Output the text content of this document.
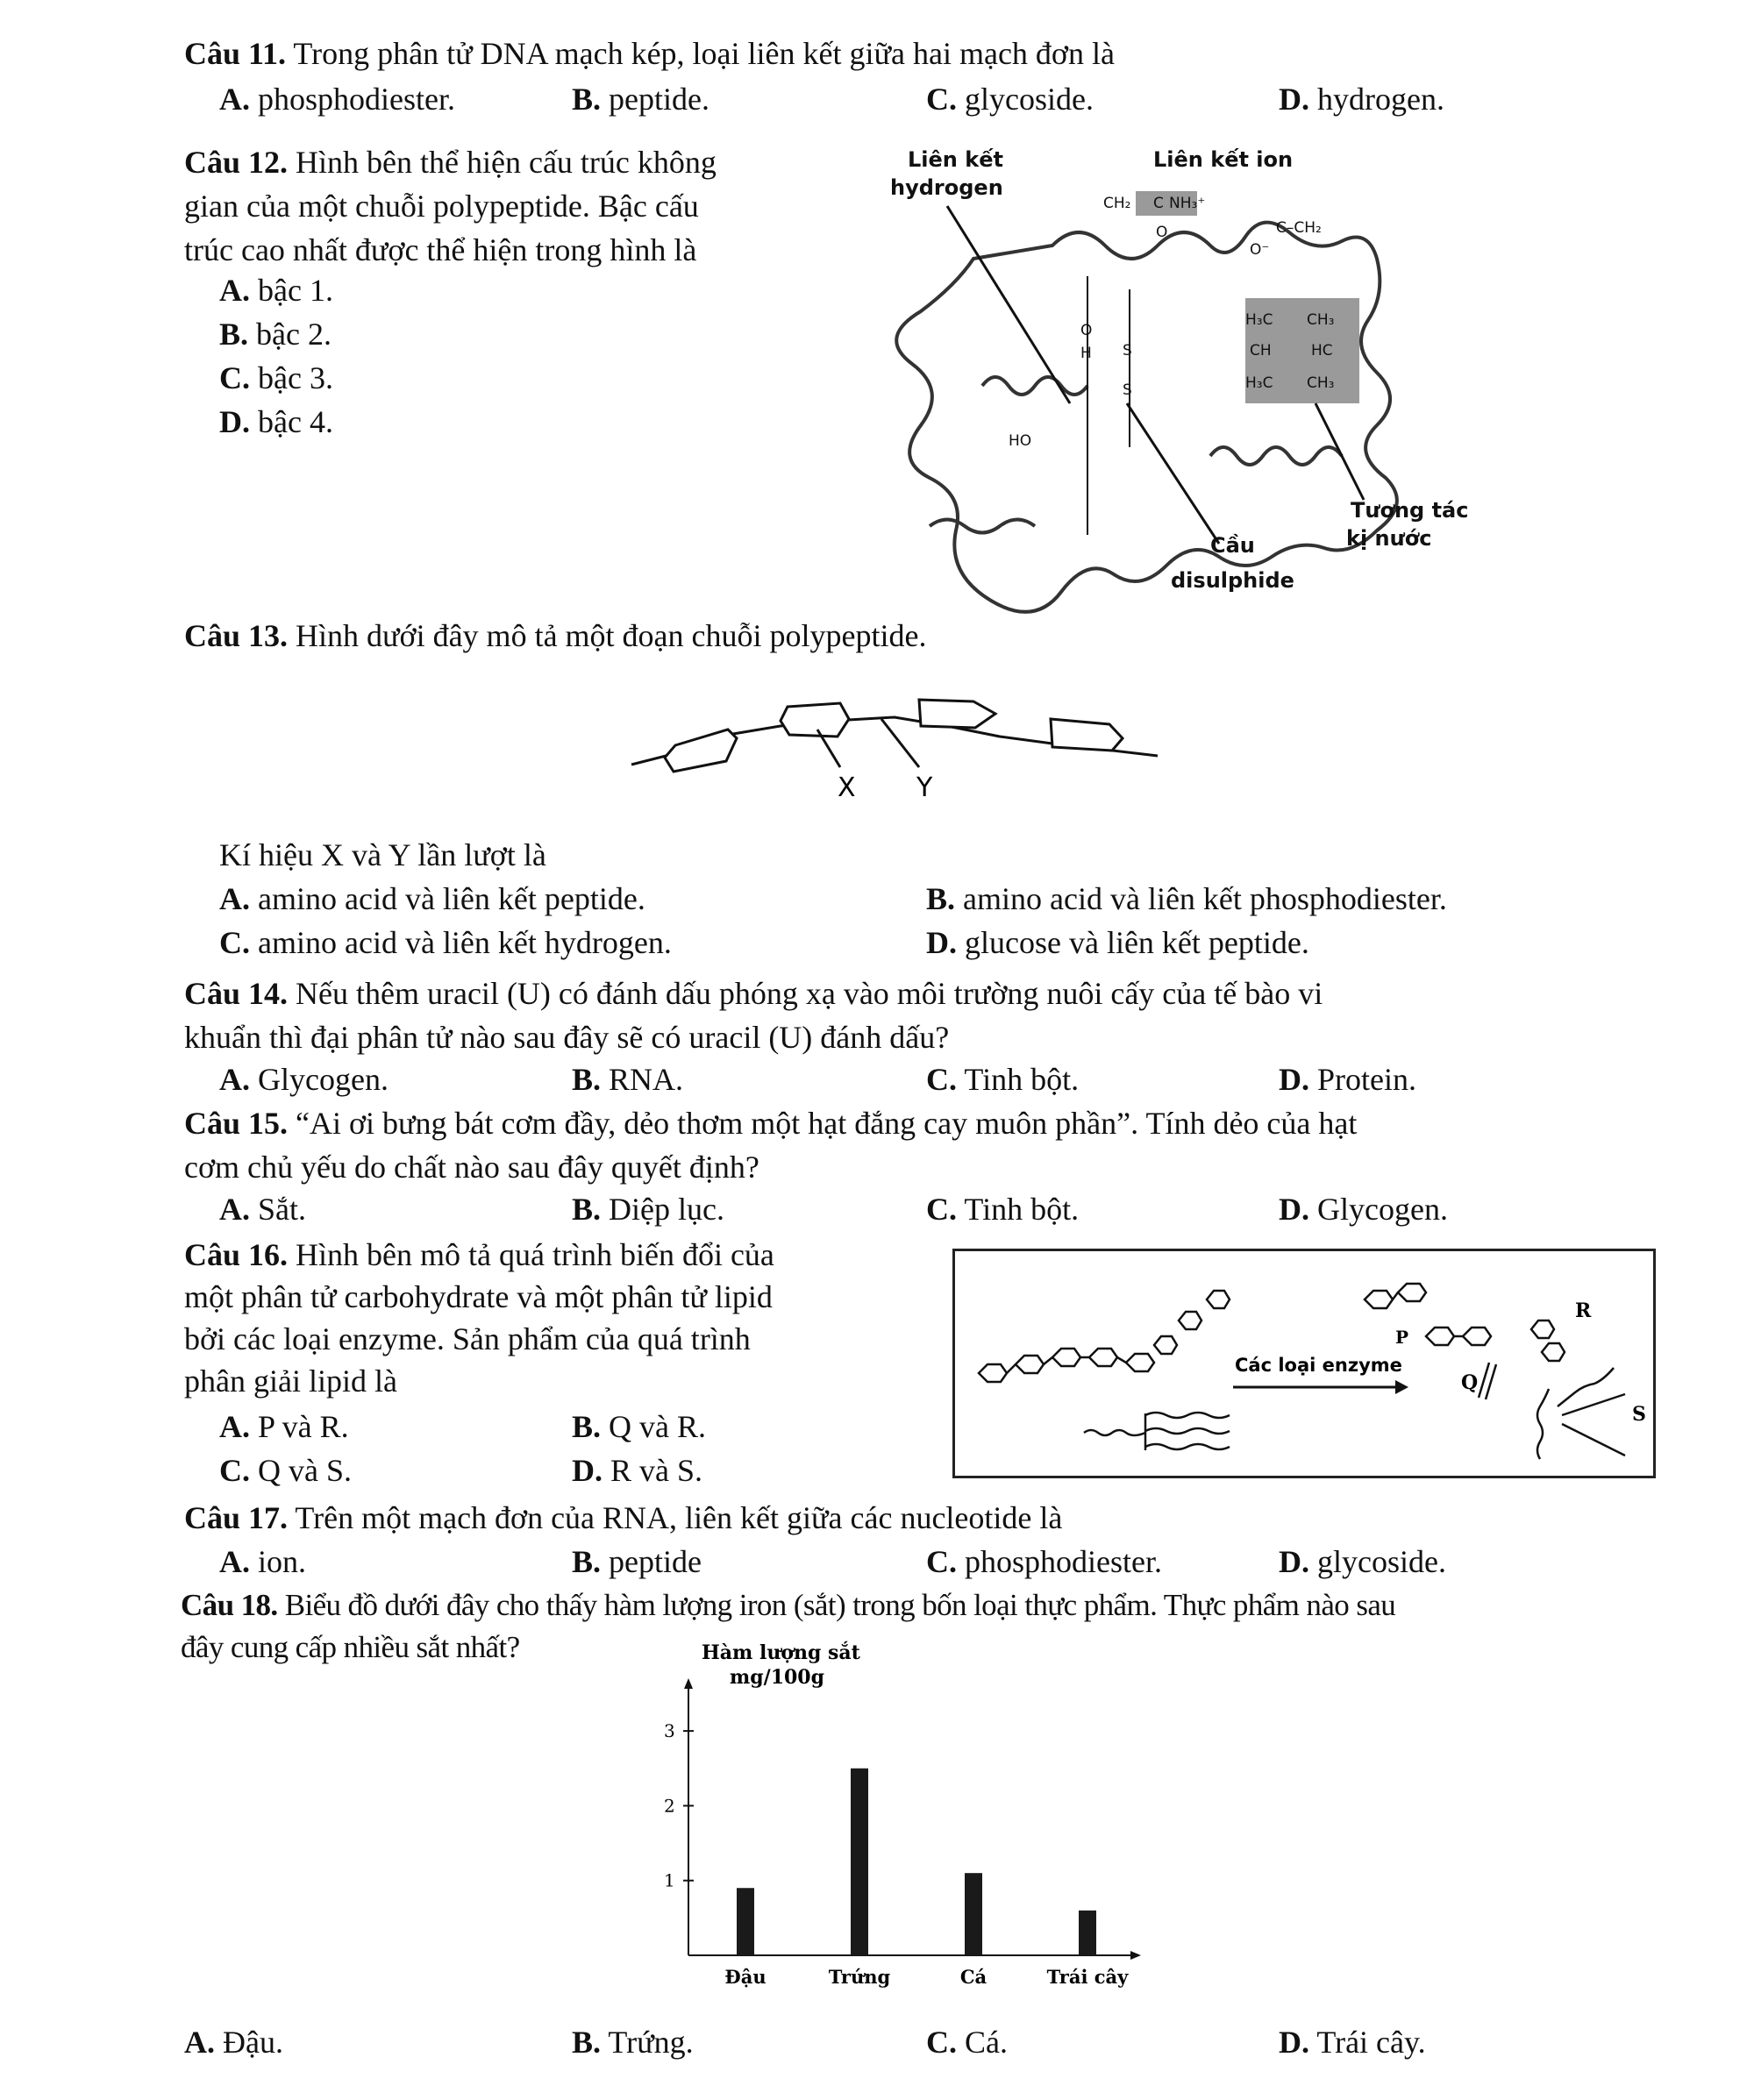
Câu 11. Trong phân tử DNA mạch kép, loại liên kết giữa hai mạch đơn là
A. phosphodiester.	B. peptide.	C. glycoside.	D. hydrogen.
Câu 12. Hình bên thể hiện cấu trúc không
gian của một chuỗi polypeptide. Bậc cấu
trúc cao nhất được thể hiện trong hình là
A. bậc 1.
B. bậc 2.
C. bậc 3.
D. bậc 4.
Liên kết
hydrogen
Liên kết ion
Cầu
disulphide
Tương tác
kị nước
CH₂ C NH₃⁺
O	C–CH₂
O⁻
H₃C CH₃
CH	HC
H₃C CH₃
S
S
HO
H
O
Câu 13. Hình dưới đây mô tả một đoạn chuỗi polypeptide.
X Y
Kí hiệu X và Y lần lượt là
A. amino acid và liên kết peptide.	B. amino acid và liên kết phosphodiester.
C. amino acid và liên kết hydrogen.	D. glucose và liên kết peptide.
Câu 14. Nếu thêm uracil (U) có đánh dấu phóng xạ vào môi trường nuôi cấy của tế bào vi
khuẩn thì đại phân tử nào sau đây sẽ có uracil (U) đánh dấu?
A. Glycogen.	B. RNA.	C. Tinh bột.	D. Protein.
Câu 15. “Ai ơi bưng bát cơm đầy, dẻo thơm một hạt đắng cay muôn phần”. Tính dẻo của hạt
cơm chủ yếu do chất nào sau đây quyết định?
A. Sắt.	B. Diệp lục.	C. Tinh bột.	D. Glycogen.
Câu 16. Hình bên mô tả quá trình biến đổi của
một phân tử carbohydrate và một phân tử lipid
bởi các loại enzyme. Sản phẩm của quá trình
phân giải lipid là
A. P và R.	B. Q và R.
C. Q và S.	D. R và S.
Các loại enzyme
P
R
Q
S
Câu 17. Trên một mạch đơn của RNA, liên kết giữa các nucleotide là
A. ion.	B. peptide	C. phosphodiester.	D. glycoside.
Câu 18. Biểu đồ dưới đây cho thấy hàm lượng iron (sắt) trong bốn loại thực phẩm. Thực phẩm nào sau
đây cung cấp nhiều sắt nhất?	Hàm lượng sắt
mg/100g
1
2
3
Đậu	Trứng	Cá	Trái cây
A. Đậu.	B. Trứng.	C. Cá.	D. Trái cây.
